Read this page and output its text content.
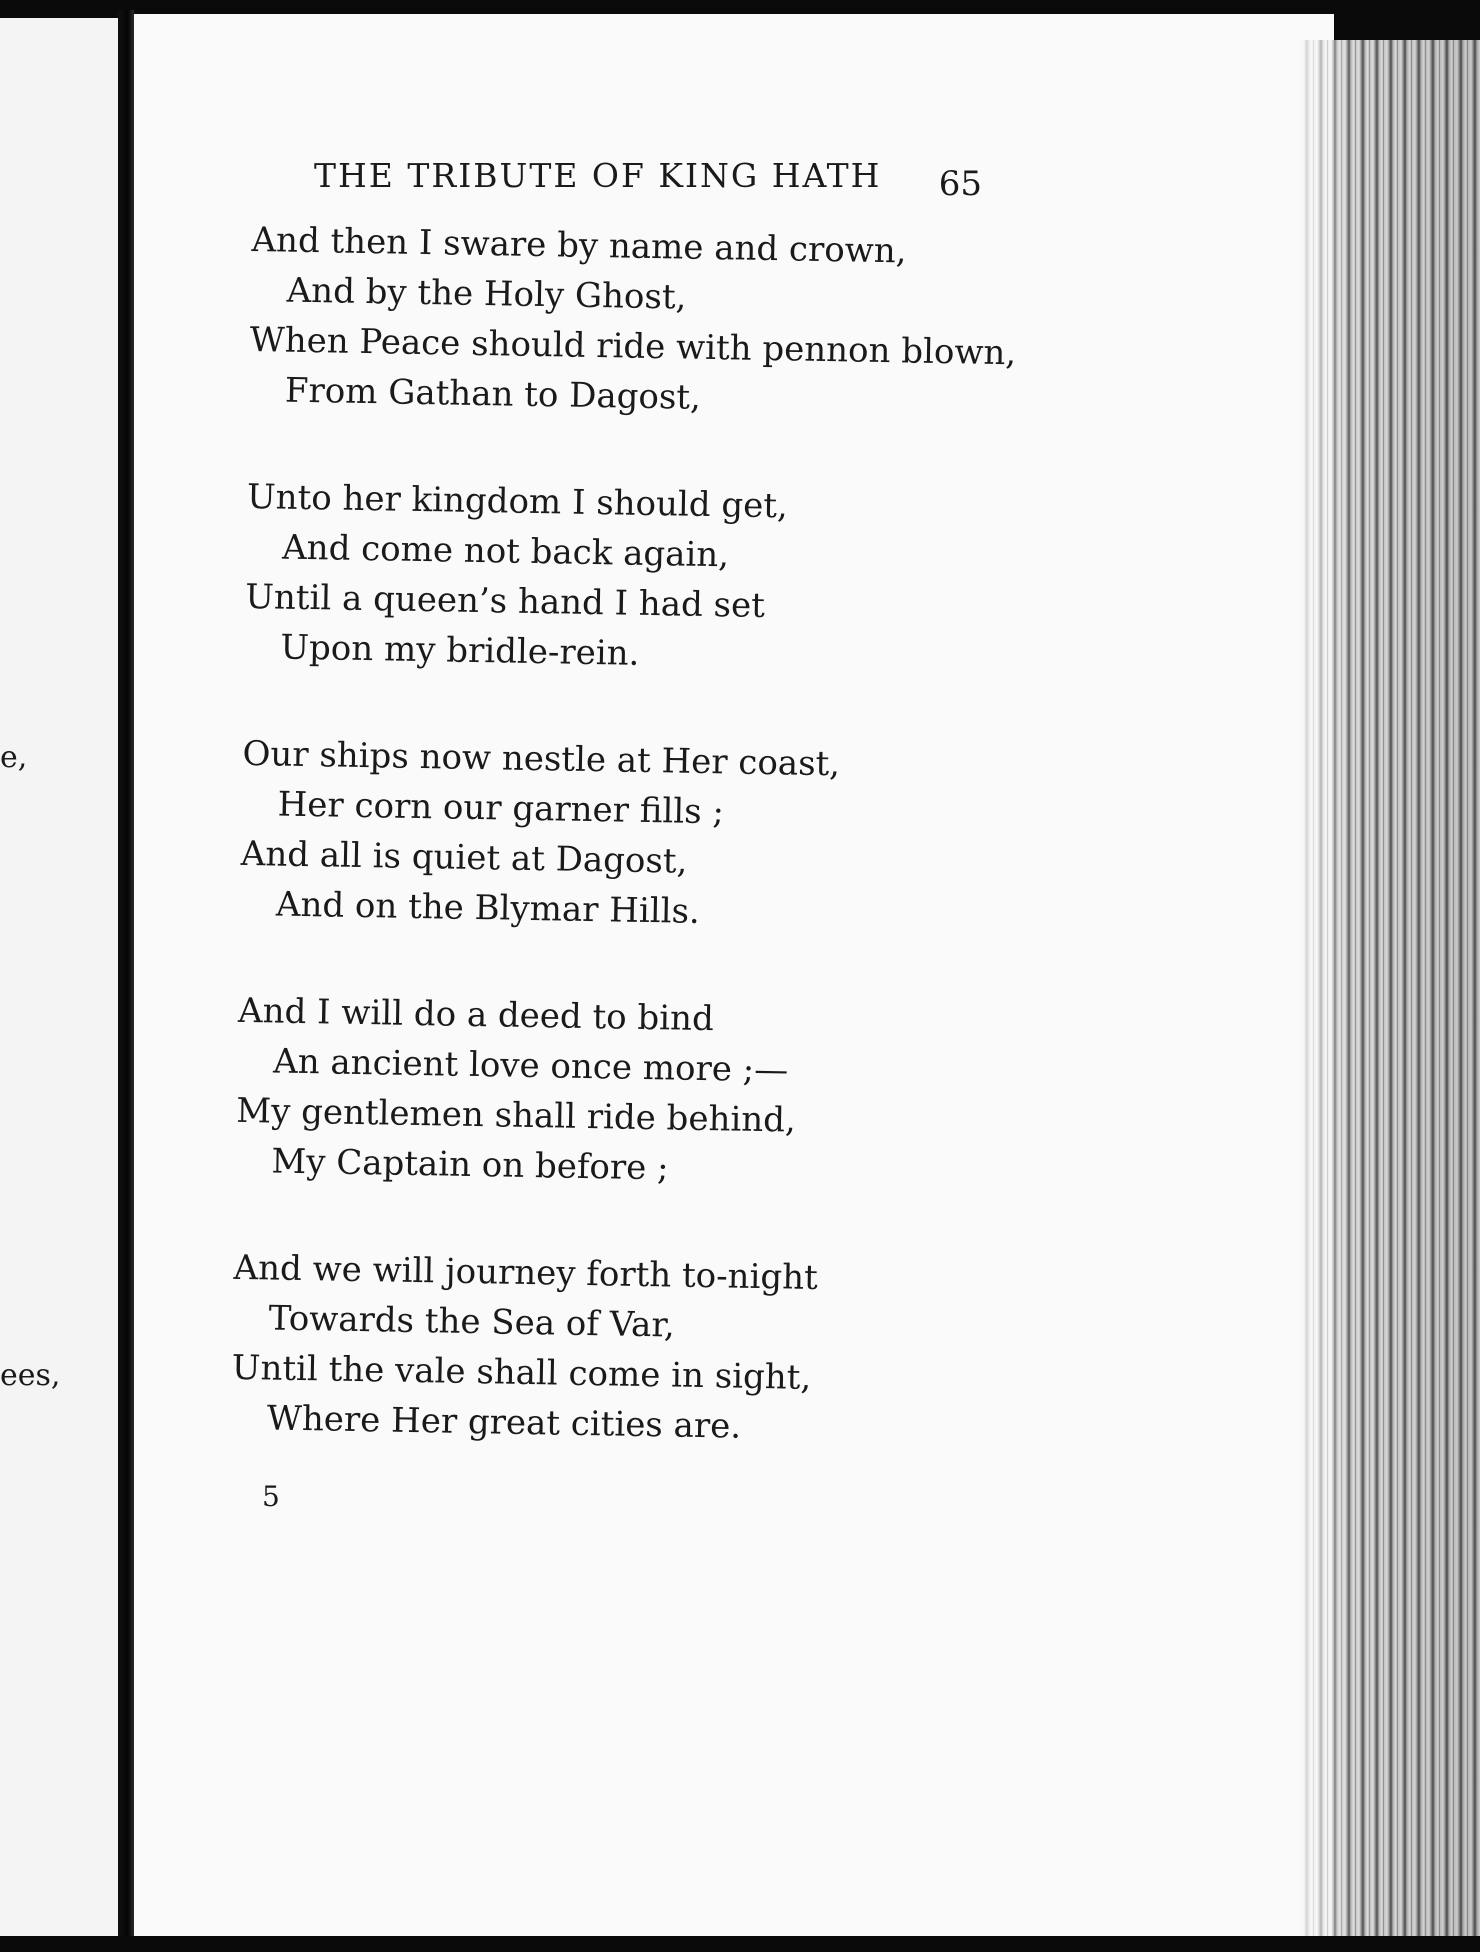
e,
ees,
THE TRIBUTE OF KING HATH 65
And then I sware by name and crown,
And by the Holy Ghost,
When Peace should ride with pennon blown,
From Gathan to Dagost,
Unto her kingdom I should get,
And come not back again,
Until a queen’s hand I had set
Upon my bridle-rein.
Our ships now nestle at Her coast,
Her corn our garner fills ;
And all is quiet at Dagost,
And on the Blymar Hills.
And I will do a deed to bind
An ancient love once more ;—
My gentlemen shall ride behind,
My Captain on before ;
And we will journey forth to-night
Towards the Sea of Var,
Until the vale shall come in sight,
Where Her great cities are.
5
